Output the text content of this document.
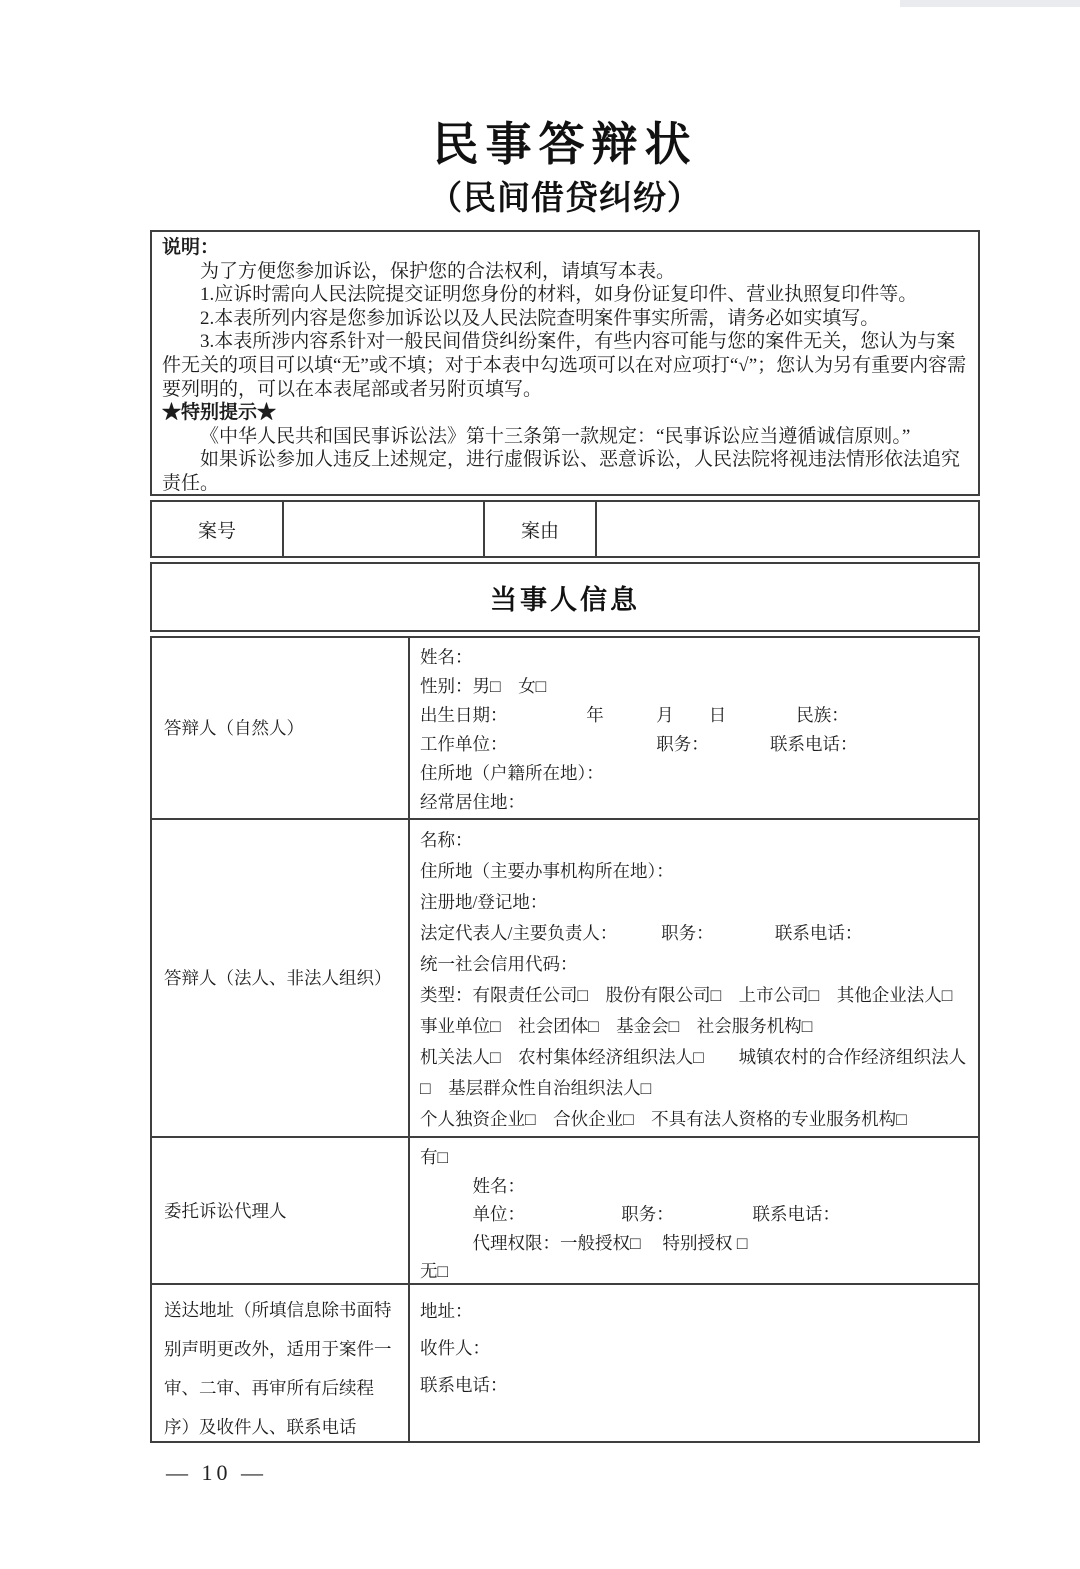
民事答辩状
（民间借贷纠纷）

说明：

为了方便您参加诉讼，保护您的合法权利，请填写本表。

1.应诉时需向人民法院提交证明您身份的材料，如身份证复印件、营业执照复印件等。

2.本表所列内容是您参加诉讼以及人民法院查明案件事实所需，请务必如实填写。

3.本表所涉内容系针对一般民间借贷纠纷案件，有些内容可能与您的案件无关，您认为与案件无关的项目可以填“无”或不填；对于本表中勾选项可以在对应项打“√”；您认为另有重要内容需要列明的，可以在本表尾部或者另附页填写。

★特别提示★

《中华人民共和国民事诉讼法》第十三条第一款规定：“民事诉讼应当遵循诚信原则。”

如果诉讼参加人违反上述规定，进行虚假诉讼、恶意诉讼，人民法院将视违法情形依法追究责任。

案号	案由
当事人信息
答辩人（自然人）
姓名：
性别：男□　女□
出生日期：　　　　　年　　　月　　日　　　　民族：
工作单位：　　　　　　　　　职务：　　　　联系电话：
住所地（户籍所在地）：
经常居住地：
答辩人（法人、非法人组织）
名称：
住所地（主要办事机构所在地）：
注册地/登记地：
法定代表人/主要负责人：　　　职务：　　　　联系电话：
统一社会信用代码：
类型：有限责任公司□　股份有限公司□　上市公司□　其他企业法人□
事业单位□　社会团体□　基金会□　社会服务机构□
机关法人□　农村集体经济组织法人□　　城镇农村的合作经济组织法人□　基层群众性自治组织法人□
个人独资企业□　合伙企业□　不具有法人资格的专业服务机构□
委托诉讼代理人
有□
　　　姓名：
　　　单位：　　　　　　职务：　　　　　联系电话：
　　　代理权限：一般授权□　 特别授权 □
无□
送达地址（所填信息除书面特别声明更改外，适用于案件一审、二审、再审所有后续程序）及收件人、联系电话
地址：
收件人：
联系电话：
— 10 —
